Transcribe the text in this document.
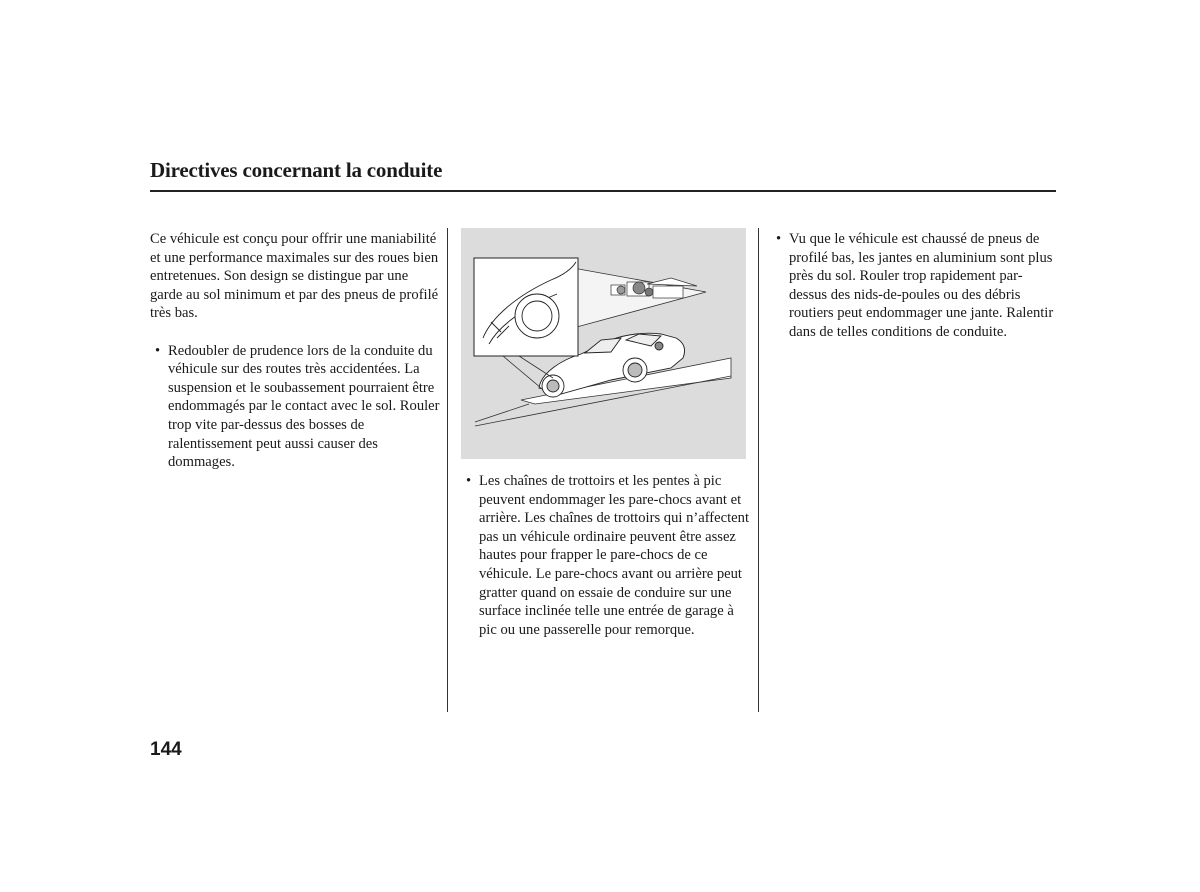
Directives concernant la conduite

Ce véhicule est conçu pour offrir une maniabilité et une performance maximales sur des roues bien entretenues. Son design se distingue par une garde au sol minimum et par des pneus de profilé très bas.

• Redoubler de prudence lors de la conduite du véhicule sur des routes très accidentées. La suspension et le soubassement pourraient être endommagés par le contact avec le sol. Rouler trop vite par-dessus des bosses de ralentissement peut aussi causer des dommages.

• Les chaînes de trottoirs et les pentes à pic peuvent endommager les pare-chocs avant et arrière. Les chaînes de trottoirs qui n’affectent pas un véhicule ordinaire peuvent être assez hautes pour frapper le pare-chocs de ce véhicule. Le pare-chocs avant ou arrière peut gratter quand on essaie de conduire sur une surface inclinée telle une entrée de garage à pic ou une passerelle pour remorque.

• Vu que le véhicule est chaussé de pneus de profilé bas, les jantes en aluminium sont plus près du sol. Rouler trop rapidement par-dessus des nids-de-poules ou des débris routiers peut endommager une jante. Ralentir dans de telles conditions de conduite.

144
